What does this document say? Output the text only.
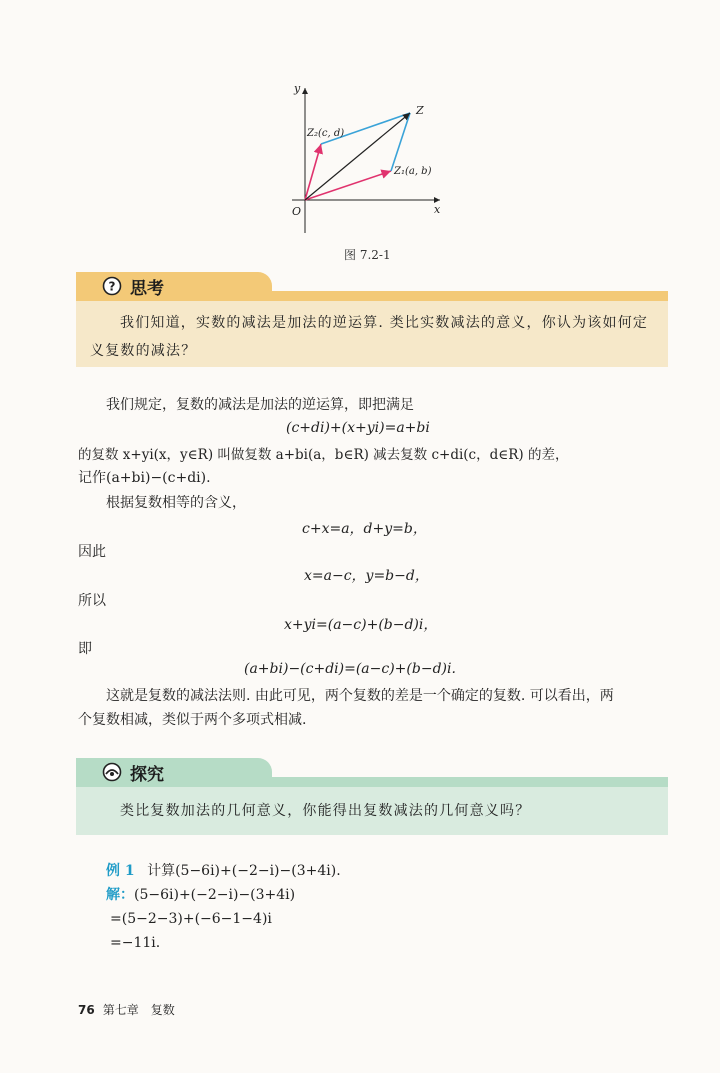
y
x
O
Z
Z₁(a, b)
Z₂(c, d)
图 7.2-1
? 思考

我们知道，实数的减法是加法的逆运算. 类比实数减法的意义，你认为该如何定义复数的减法？

我们规定，复数的减法是加法的逆运算，即把满足
(c+di)+(x+yi)=a+bi
的复数 x+yi(x，y∈R) 叫做复数 a+bi(a，b∈R) 减去复数 c+di(c，d∈R) 的差，
记作(a+bi)−(c+di).
根据复数相等的含义，
c+x=a，d+y=b，
因此
x=a−c，y=b−d，
所以
x+yi=(a−c)+(b−d)i，
即
(a+bi)−(c+di)=(a−c)+(b−d)i.
这就是复数的减法法则. 由此可见，两个复数的差是一个确定的复数. 可以看出，两
个复数相减，类似于两个多项式相减.
探究

类比复数加法的几何意义，你能得出复数减法的几何意义吗？

例 1 计算(5−6i)+(−2−i)−(3+4i).
解：(5−6i)+(−2−i)−(3+4i)
=(5−2−3)+(−6−1−4)i
=−11i.
76 第七章　复数
